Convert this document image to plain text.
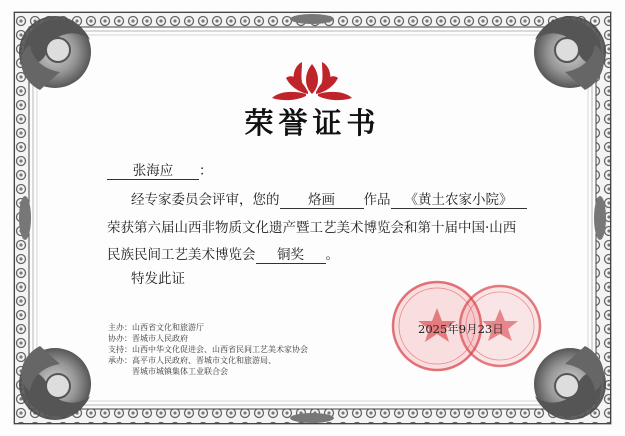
荣誉证书
张海应 ：
经专家委员会评审，您的 烙画 作品 《黄土农家小院》
荣获第六届山西非物质文化遗产暨工艺美术博览会和第十届中国·山西
民族民间工艺美术博览会 铜奖 。
特发此证
2025年9月23日
主办：山西省文化和旅游厅
协办：晋城市人民政府
支持：山西中华文化促进会、山西省民间工艺美术家协会
承办：高平市人民政府、晋城市文化和旅游局、
　　　晋城市城镇集体工业联合会
